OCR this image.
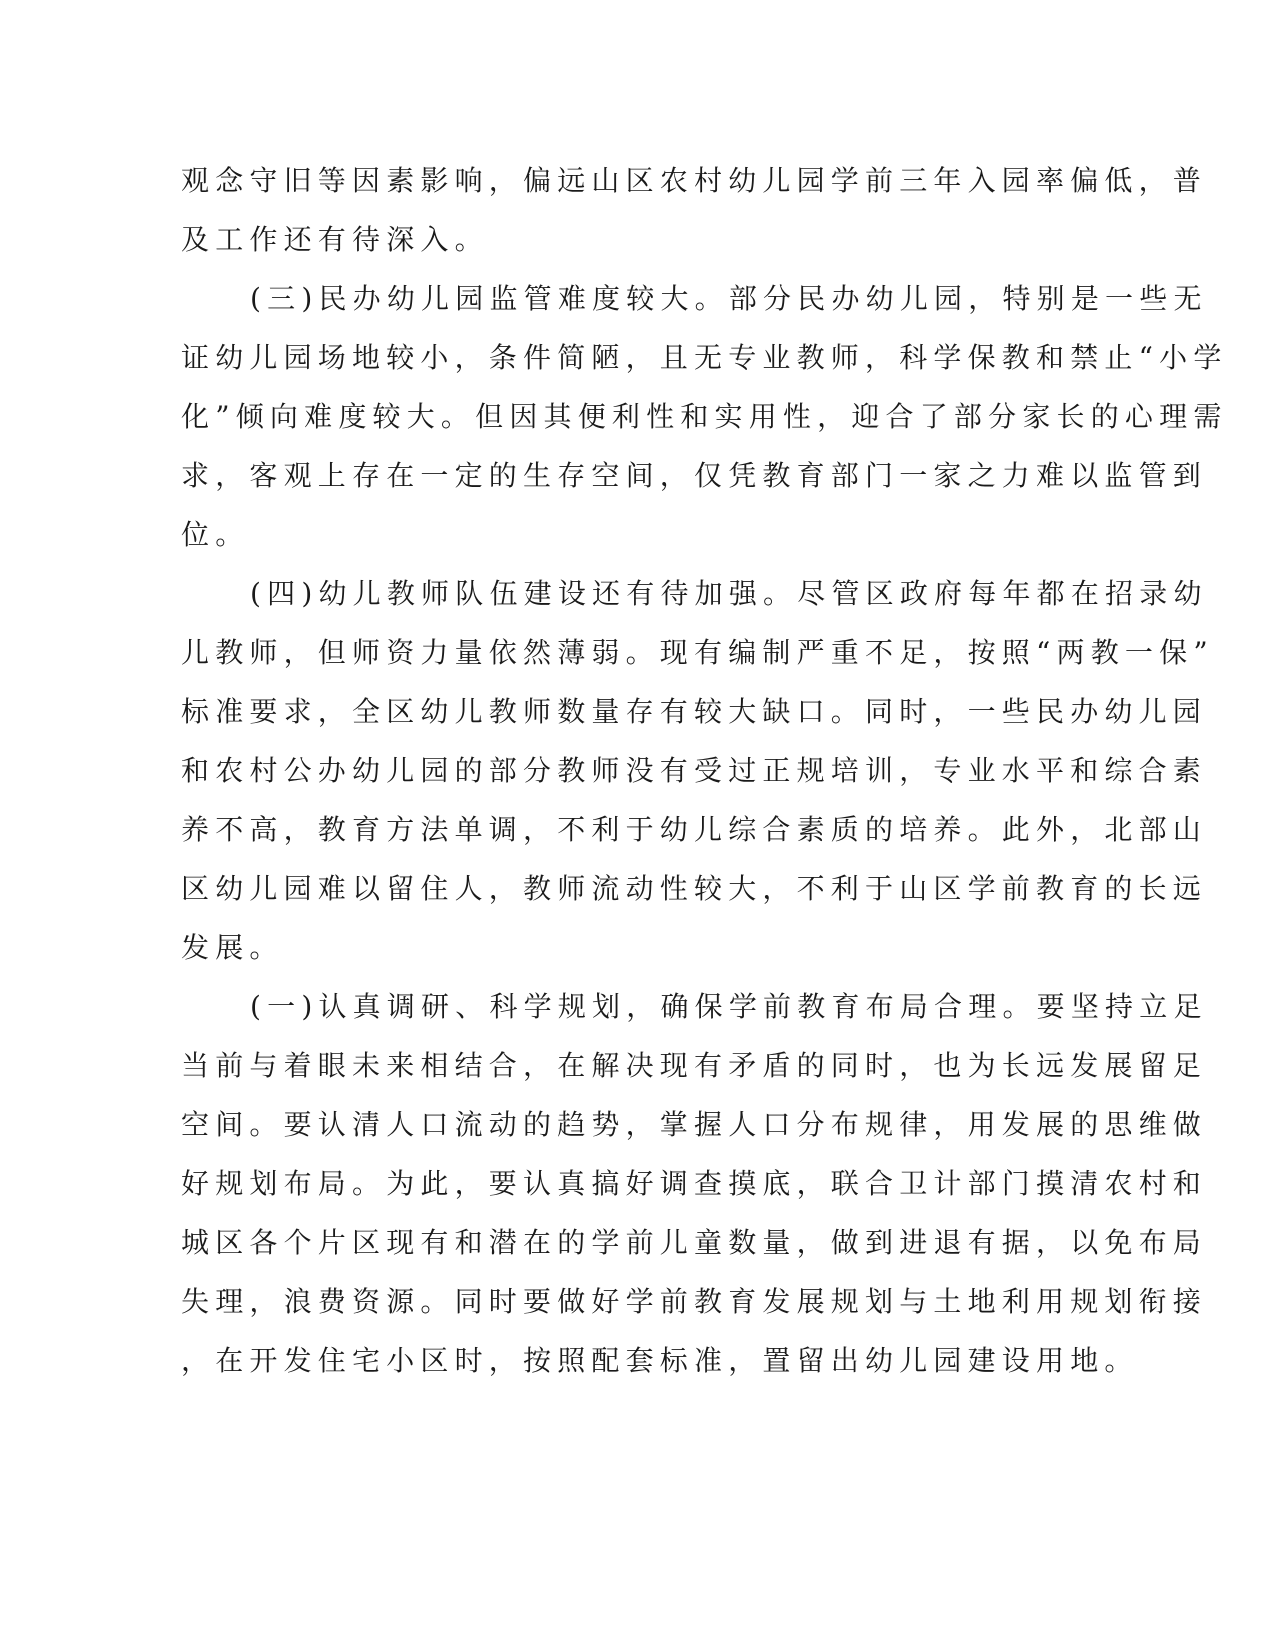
观念守旧等因素影响，偏远山区农村幼儿园学前三年入园率偏低，普
及工作还有待深入。
(三)民办幼儿园监管难度较大。部分民办幼儿园，特别是一些无
证幼儿园场地较小，条件简陋，且无专业教师，科学保教和禁止“小学
化”倾向难度较大。但因其便利性和实用性，迎合了部分家长的心理需
求，客观上存在一定的生存空间，仅凭教育部门一家之力难以监管到
位。
(四)幼儿教师队伍建设还有待加强。尽管区政府每年都在招录幼
儿教师，但师资力量依然薄弱。现有编制严重不足，按照“两教一保”
标准要求，全区幼儿教师数量存有较大缺口。同时，一些民办幼儿园
和农村公办幼儿园的部分教师没有受过正规培训，专业水平和综合素
养不高，教育方法单调，不利于幼儿综合素质的培养。此外，北部山
区幼儿园难以留住人，教师流动性较大，不利于山区学前教育的长远
发展。
(一)认真调研、科学规划，确保学前教育布局合理。要坚持立足
当前与着眼未来相结合，在解决现有矛盾的同时，也为长远发展留足
空间。要认清人口流动的趋势，掌握人口分布规律，用发展的思维做
好规划布局。为此，要认真搞好调查摸底，联合卫计部门摸清农村和
城区各个片区现有和潜在的学前儿童数量，做到进退有据，以免布局
失理，浪费资源。同时要做好学前教育发展规划与土地利用规划衔接
，在开发住宅小区时，按照配套标准，置留出幼儿园建设用地。
